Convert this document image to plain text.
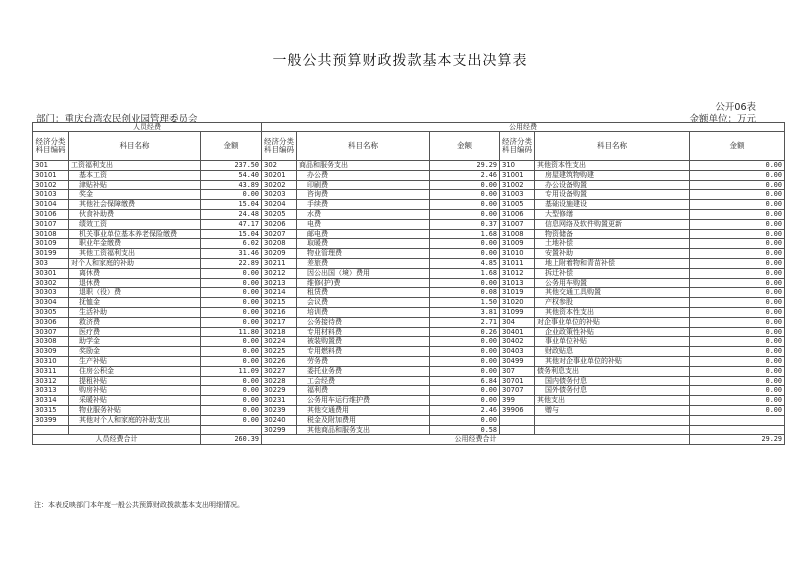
一般公共预算财政拨款基本支出决算表
公开06表
部门：重庆台湾农民创业园管理委员会	金额单位：万元
人员经费			公用经费					
经济分类科目编码	科目名称	金额	经济分类科目编码	科目名称	金额	经济分类科目编码	科目名称	金额
301	工资福利支出	237.50	302	商品和服务支出	29.29	310	其他资本性支出	0.00
30101	基本工资	54.40	30201	办公费	2.46	31001	房屋建筑物购建	0.00
30102	津贴补贴	43.89	30202	印刷费	0.00	31002	办公设备购置	0.00
30103	奖金	0.00	30203	咨询费	0.00	31003	专用设备购置	0.00
30104	其他社会保障缴费	15.04	30204	手续费	0.00	31005	基础设施建设	0.00
30106	伙食补助费	24.48	30205	水费	0.00	31006	大型修缮	0.00
30107	绩效工资	47.17	30206	电费	0.37	31007	信息网络及软件购置更新	0.00
30108	机关事业单位基本养老保险缴费	15.04	30207	邮电费	1.68	31008	物资储备	0.00
30109	职业年金缴费	6.02	30208	取暖费	0.00	31009	土地补偿	0.00
30199	其他工资福利支出	31.46	30209	物业管理费	0.00	31010	安置补助	0.00
303	对个人和家庭的补助	22.89	30211	差旅费	4.85	31011	地上附着物和青苗补偿	0.00
30301	离休费	0.00	30212	因公出国（境）费用	1.68	31012	拆迁补偿	0.00
30302	退休费	0.00	30213	维修(护)费	0.00	31013	公务用车购置	0.00
30303	退职（役）费	0.00	30214	租赁费	0.08	31019	其他交通工具购置	0.00
30304	抚恤金	0.00	30215	会议费	1.50	31020	产权参股	0.00
30305	生活补助	0.00	30216	培训费	3.81	31099	其他资本性支出	0.00
30306	救济费	0.00	30217	公务接待费	2.71	304	对企事业单位的补贴	0.00
30307	医疗费	11.80	30218	专用材料费	0.26	30401	企业政策性补贴	0.00
30308	助学金	0.00	30224	被装购置费	0.00	30402	事业单位补贴	0.00
30309	奖励金	0.00	30225	专用燃料费	0.00	30403	财政贴息	0.00
30310	生产补贴	0.00	30226	劳务费	0.00	30499	其他对企事业单位的补贴	0.00
30311	住房公积金	11.09	30227	委托业务费	0.00	307	债务利息支出	0.00
30312	提租补贴	0.00	30228	工会经费	6.84	30701	国内债务付息	0.00
30313	购房补贴	0.00	30229	福利费	0.00	30707	国外债务付息	0.00
30314	采暖补贴	0.00	30231	公务用车运行维护费	0.00	399	其他支出	0.00
30315	物业服务补贴	0.00	30239	其他交通费用	2.46	39906	赠与	0.00
30399	其他对个人和家庭的补助支出	0.00	30240	税金及附加费用	0.00			
			30299	其他商品和服务支出	0.58			
人员经费合计		260.39	公用经费合计					29.29
注：本表反映部门本年度一般公共预算财政拨款基本支出明细情况。
